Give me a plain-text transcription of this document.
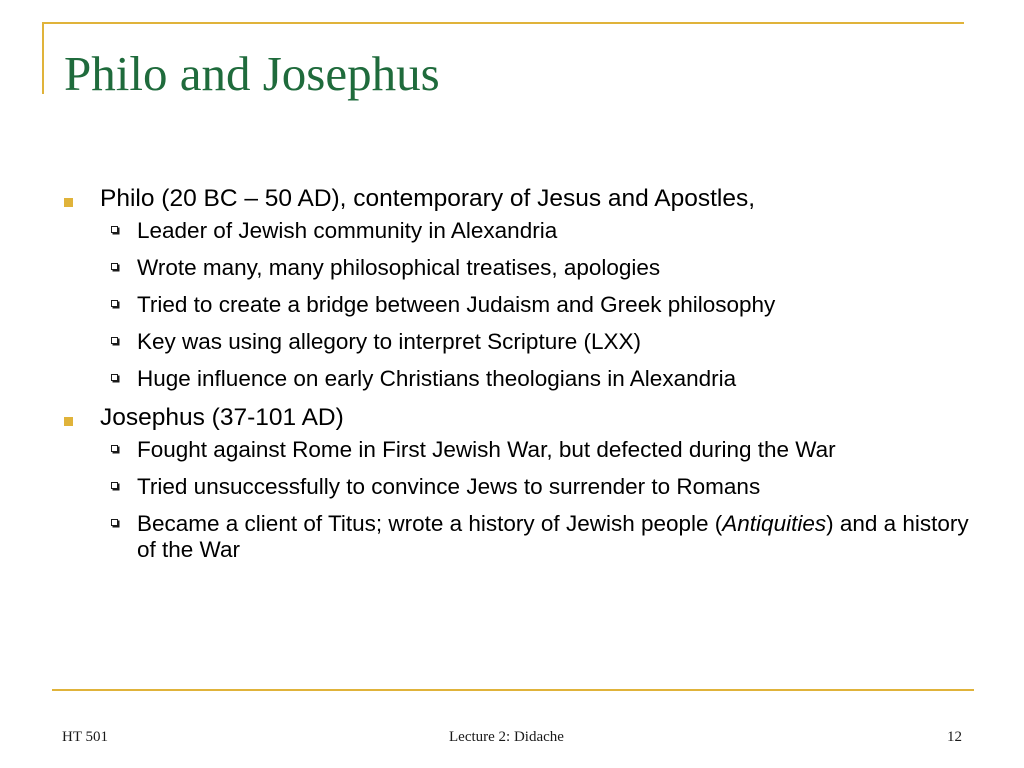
Philo and Josephus
Philo (20 BC – 50 AD), contemporary of Jesus and Apostles,
Leader of Jewish community in Alexandria
Wrote many, many philosophical treatises, apologies
Tried to create a bridge between Judaism and Greek philosophy
Key was using allegory to interpret Scripture (LXX)
Huge influence on early Christians theologians in Alexandria
Josephus (37-101 AD)
Fought against Rome in First Jewish War, but defected during the War
Tried unsuccessfully to convince Jews to surrender to Romans
Became a client of Titus; wrote a history of Jewish people (Antiquities) and a history of the War
HT 501	Lecture 2: Didache	12
